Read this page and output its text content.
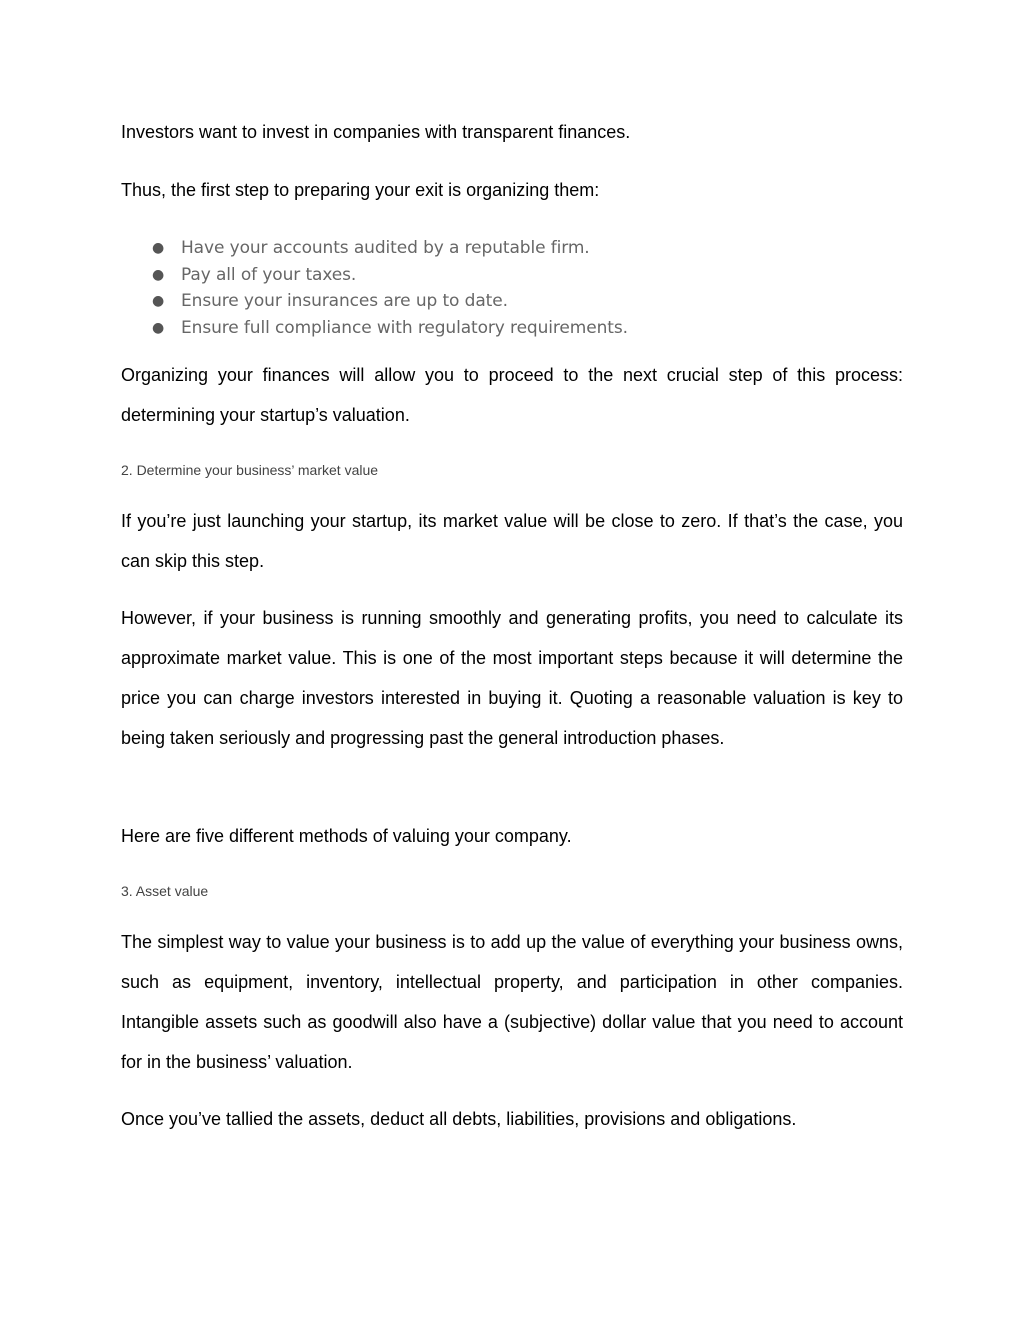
Investors want to invest in companies with transparent finances.

Thus, the first step to preparing your exit is organizing them:

● Have your accounts audited by a reputable firm.
● Pay all of your taxes.
● Ensure your insurances are up to date.
● Ensure full compliance with regulatory requirements.

Organizing your finances will allow you to proceed to the next crucial step of this process: determining your startup’s valuation.

2. Determine your business’ market value

If you’re just launching your startup, its market value will be close to zero. If that’s the case, you can skip this step.

However, if your business is running smoothly and generating profits, you need to calculate its approximate market value. This is one of the most important steps because it will determine the price you can charge investors interested in buying it. Quoting a reasonable valuation is key to being taken seriously and progressing past the general introduction phases.

Here are five different methods of valuing your company.

3. Asset value

The simplest way to value your business is to add up the value of everything your business owns, such as equipment, inventory, intellectual property, and participation in other companies. Intangible assets such as goodwill also have a (subjective) dollar value that you need to account for in the business’ valuation.

Once you’ve tallied the assets, deduct all debts, liabilities, provisions and obligations.
